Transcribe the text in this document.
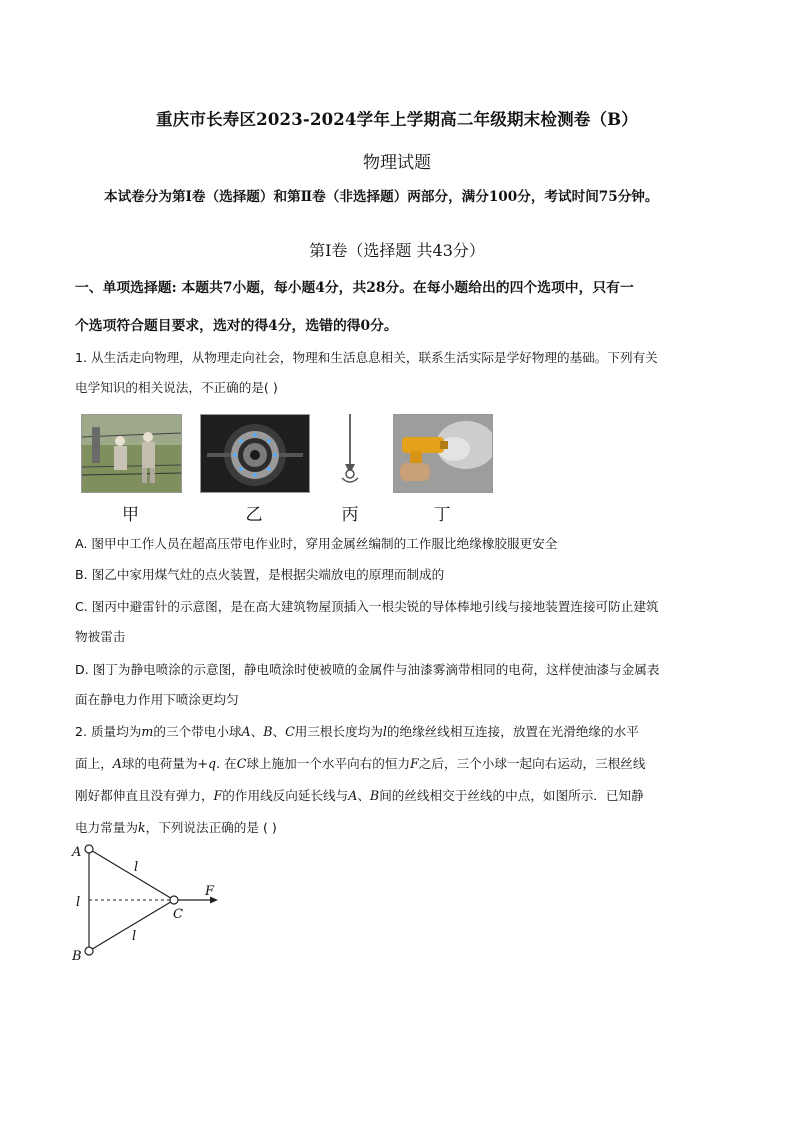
重庆市长寿区2023-2024学年上学期高二年级期末检测卷（B）
物理试题
本试卷分为第Ⅰ卷（选择题）和第Ⅱ卷（非选择题）两部分，满分100分，考试时间75分钟。
第Ⅰ卷（选择题 共43分）
一、单项选择题: 本题共7小题，每小题4分，共28分。在每小题给出的四个选项中，只有一
个选项符合题目要求，选对的得4分，选错的得0分。
1. 从生活走向物理，从物理走向社会，物理和生活息息相关，联系生活实际是学好物理的基础。下列有关
电学知识的相关说法，不正确的是( )
甲	乙	丙	丁
A. 图甲中工作人员在超高压带电作业时，穿用金属丝编制的工作服比绝缘橡胶服更安全
B. 图乙中家用煤气灶的点火装置，是根据尖端放电的原理而制成的
C. 图丙中避雷针的示意图，是在高大建筑物屋顶插入一根尖锐的导体棒地引线与接地装置连接可防止建筑
物被雷击
D. 图丁为静电喷涂的示意图，静电喷涂时使被喷的金属件与油漆雾滴带相同的电荷，这样使油漆与金属表
面在静电力作用下喷涂更均匀
2. 质量均为m的三个带电小球A、B、C用三根长度均为l的绝缘丝线相互连接，放置在光滑绝缘的水平
面上，A球的电荷量为+q. 在C球上施加一个水平向右的恒力F之后，三个小球一起向右运动，三根丝线
刚好都伸直且没有弹力，F的作用线反向延长线与A、B间的丝线相交于丝线的中点，如图所示．已知静
电力常量为k，下列说法正确的是 ( )
A
B
C
F
l
l
l
